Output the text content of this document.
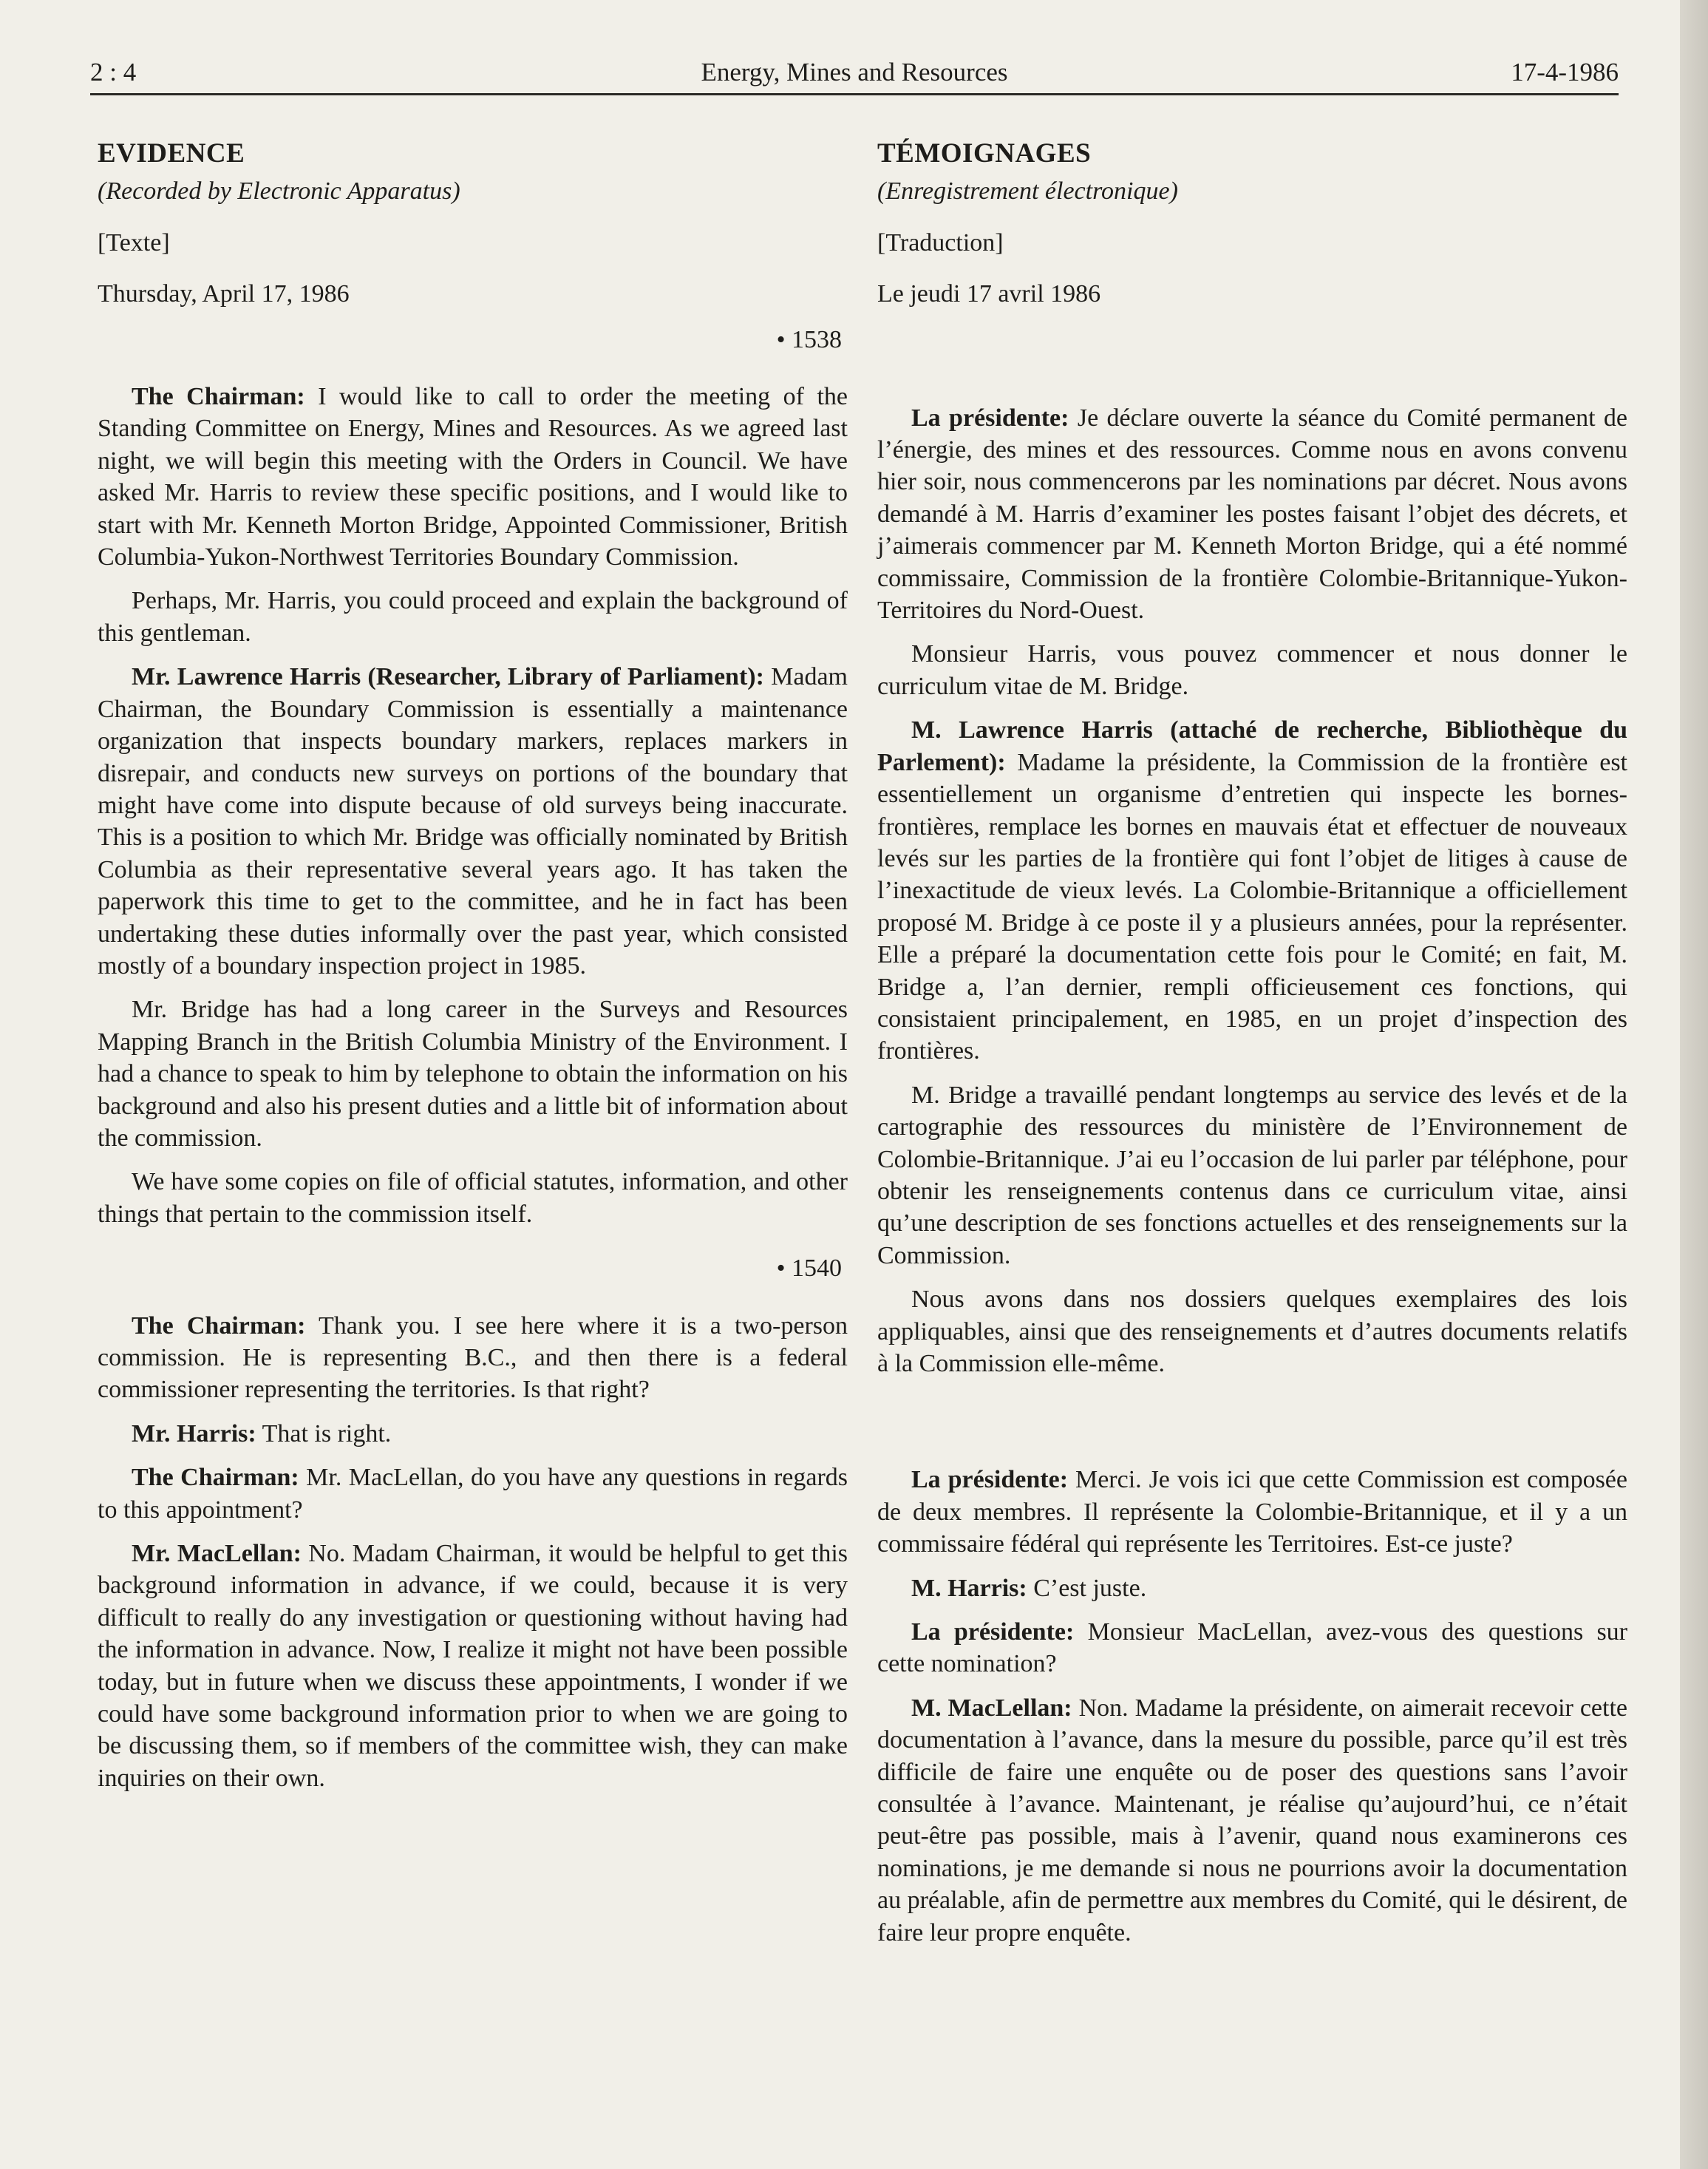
2 : 4	Energy, Mines and Resources	17-4-1986
EVIDENCE
(Recorded by Electronic Apparatus)
[Texte]
Thursday, April 17, 1986
• 1538

The Chairman: I would like to call to order the meeting of the Standing Committee on Energy, Mines and Resources. As we agreed last night, we will begin this meeting with the Orders in Council. We have asked Mr. Harris to review these specific positions, and I would like to start with Mr. Kenneth Morton Bridge, Appointed Commissioner, British Columbia-Yukon-Northwest Territories Boundary Commission.

Perhaps, Mr. Harris, you could proceed and explain the background of this gentleman.

Mr. Lawrence Harris (Researcher, Library of Parliament): Madam Chairman, the Boundary Commission is essentially a maintenance organization that inspects boundary markers, replaces markers in disrepair, and conducts new surveys on portions of the boundary that might have come into dispute because of old surveys being inaccurate. This is a position to which Mr. Bridge was officially nominated by British Columbia as their representative several years ago. It has taken the paperwork this time to get to the committee, and he in fact has been undertaking these duties informally over the past year, which consisted mostly of a boundary inspection project in 1985.

Mr. Bridge has had a long career in the Surveys and Resources Mapping Branch in the British Columbia Ministry of the Environment. I had a chance to speak to him by telephone to obtain the information on his background and also his present duties and a little bit of information about the commission.

We have some copies on file of official statutes, information, and other things that pertain to the commission itself.

• 1540

The Chairman: Thank you. I see here where it is a two-person commission. He is representing B.C., and then there is a federal commissioner representing the territories. Is that right?

Mr. Harris: That is right.

The Chairman: Mr. MacLellan, do you have any questions in regards to this appointment?

Mr. MacLellan: No. Madam Chairman, it would be helpful to get this background information in advance, if we could, because it is very difficult to really do any investigation or questioning without having had the information in advance. Now, I realize it might not have been possible today, but in future when we discuss these appointments, I wonder if we could have some background information prior to when we are going to be discussing them, so if members of the committee wish, they can make inquiries on their own.

TÉMOIGNAGES
(Enregistrement électronique)
[Traduction]
Le jeudi 17 avril 1986

La présidente: Je déclare ouverte la séance du Comité permanent de l’énergie, des mines et des ressources. Comme nous en avons convenu hier soir, nous commencerons par les nominations par décret. Nous avons demandé à M. Harris d’examiner les postes faisant l’objet des décrets, et j’aimerais commencer par M. Kenneth Morton Bridge, qui a été nommé commissaire, Commission de la frontière Colombie-Britannique-Yukon-Territoires du Nord-Ouest.

Monsieur Harris, vous pouvez commencer et nous donner le curriculum vitae de M. Bridge.

M. Lawrence Harris (attaché de recherche, Bibliothèque du Parlement): Madame la présidente, la Commission de la frontière est essentiellement un organisme d’entretien qui inspecte les bornes-frontières, remplace les bornes en mauvais état et effectuer de nouveaux levés sur les parties de la frontière qui font l’objet de litiges à cause de l’inexactitude de vieux levés. La Colombie-Britannique a officiellement proposé M. Bridge à ce poste il y a plusieurs années, pour la représenter. Elle a préparé la documentation cette fois pour le Comité; en fait, M. Bridge a, l’an dernier, rempli officieusement ces fonctions, qui consistaient principalement, en 1985, en un projet d’inspection des frontières.

M. Bridge a travaillé pendant longtemps au service des levés et de la cartographie des ressources du ministère de l’Environnement de Colombie-Britannique. J’ai eu l’occasion de lui parler par téléphone, pour obtenir les renseignements contenus dans ce curriculum vitae, ainsi qu’une description de ses fonctions actuelles et des renseignements sur la Commission.

Nous avons dans nos dossiers quelques exemplaires des lois appliquables, ainsi que des renseignements et d’autres documents relatifs à la Commission elle-même.

La présidente: Merci. Je vois ici que cette Commission est composée de deux membres. Il représente la Colombie-Britannique, et il y a un commissaire fédéral qui représente les Territoires. Est-ce juste?

M. Harris: C’est juste.

La présidente: Monsieur MacLellan, avez-vous des questions sur cette nomination?

M. MacLellan: Non. Madame la présidente, on aimerait recevoir cette documentation à l’avance, dans la mesure du possible, parce qu’il est très difficile de faire une enquête ou de poser des questions sans l’avoir consultée à l’avance. Maintenant, je réalise qu’aujourd’hui, ce n’était peut-être pas possible, mais à l’avenir, quand nous examinerons ces nominations, je me demande si nous ne pourrions avoir la documentation au préalable, afin de permettre aux membres du Comité, qui le désirent, de faire leur propre enquête.
